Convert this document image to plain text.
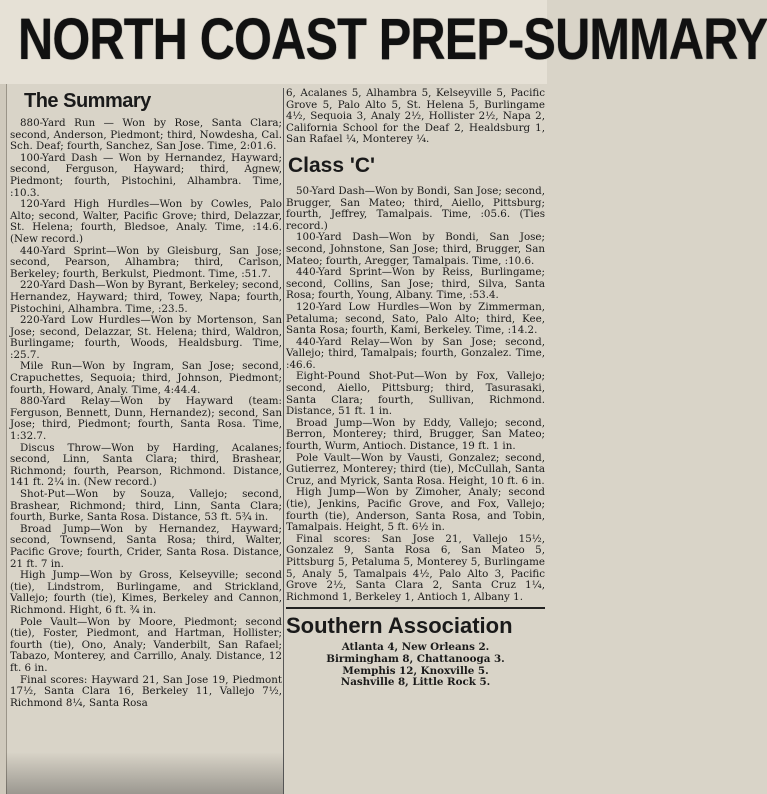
NORTH COAST PREP-SUMMARY
The Summary

880-Yard Run — Won by Rose, Santa Clara; second, Anderson, Piedmont; third, Nowdesha, Cal. Sch. Deaf; fourth, Sanchez, San Jose. Time, 2:01.6.

100-Yard Dash — Won by Hernandez, Hayward; second, Ferguson, Hayward; third, Agnew, Piedmont; fourth, Pistochini, Alhambra. Time, :10.3.

120-Yard High Hurdles—Won by Cowles, Palo Alto; second, Walter, Pacific Grove; third, Delazzar, St. Helena; fourth, Bledsoe, Analy. Time, :14.6. (New record.)

440-Yard Sprint—Won by Gleisburg, San Jose; second, Pearson, Alhambra; third, Carlson, Berkeley; fourth, Berkulst, Piedmont. Time, :51.7.

220-Yard Dash—Won by Byrant, Berkeley; second, Hernandez, Hayward; third, Towey, Napa; fourth, Pistochini, Alhambra. Time, :23.5.

220-Yard Low Hurdles—Won by Mortenson, San Jose; second, Delazzar, St. Helena; third, Waldron, Burlingame; fourth, Woods, Healdsburg. Time, :25.7.

Mile Run—Won by Ingram, San Jose; second, Crapuchettes, Sequoia; third, Johnson, Piedmont; fourth, Howard, Analy. Time, 4:44.4.

880-Yard Relay—Won by Hayward (team: Ferguson, Bennett, Dunn, Hernandez); second, San Jose; third, Piedmont; fourth, Santa Rosa. Time, 1:32.7.

Discus Throw—Won by Harding, Acalanes; second, Linn, Santa Clara; third, Brashear, Richmond; fourth, Pearson, Richmond. Distance, 141 ft. 2¼ in. (New record.)

Shot-Put—Won by Souza, Vallejo; second, Brashear, Richmond; third, Linn, Santa Clara; fourth, Burke, Santa Rosa. Distance, 53 ft. 5¾ in.

Broad Jump—Won by Hernandez, Hayward; second, Townsend, Santa Rosa; third, Walter, Pacific Grove; fourth, Crider, Santa Rosa. Distance, 21 ft. 7 in.

High Jump—Won by Gross, Kelseyville; second (tie), Lindstrom, Burlingame, and Strickland, Vallejo; fourth (tie), Kimes, Berkeley and Cannon, Richmond. Hight, 6 ft. ¾ in.

Pole Vault—Won by Moore, Piedmont; second (tie), Foster, Piedmont, and Hartman, Hollister; fourth (tie), Ono, Analy; Vanderbilt, San Rafael; Tabazo, Monterey, and Carrillo, Analy. Distance, 12 ft. 6 in.

Final scores: Hayward 21, San Jose 19, Piedmont 17½, Santa Clara 16, Berkeley 11, Vallejo 7½, Richmond 8¼, Santa Rosa

6, Acalanes 5, Alhambra 5, Kelseyville 5, Pacific Grove 5, Palo Alto 5, St. Helena 5, Burlingame 4½, Sequoia 3, Analy 2½, Hollister 2½, Napa 2, California School for the Deaf 2, Healdsburg 1, San Rafael ¼, Monterey ¼.

Class 'C'

50-Yard Dash—Won by Bondi, San Jose; second, Brugger, San Mateo; third, Aiello, Pittsburg; fourth, Jeffrey, Tamalpais. Time, :05.6. (Ties record.)

100-Yard Dash—Won by Bondi, San Jose; second, Johnstone, San Jose; third, Brugger, San Mateo; fourth, Aregger, Tamalpais. Time, :10.6.

440-Yard Sprint—Won by Reiss, Burlingame; second, Collins, San Jose; third, Silva, Santa Rosa; fourth, Young, Albany. Time, :53.4.

120-Yard Low Hurdles—Won by Zimmerman, Petaluma; second, Sato, Palo Alto; third, Kee, Santa Rosa; fourth, Kami, Berkeley. Time, :14.2.

440-Yard Relay—Won by San Jose; second, Vallejo; third, Tamalpais; fourth, Gonzalez. Time, :46.6.

Eight-Pound Shot-Put—Won by Fox, Vallejo; second, Aiello, Pittsburg; third, Tasurasaki, Santa Clara; fourth, Sullivan, Richmond. Distance, 51 ft. 1 in.

Broad Jump—Won by Eddy, Vallejo; second, Berron, Monterey; third, Brugger, San Mateo; fourth, Wurm, Antioch. Distance, 19 ft. 1 in.

Pole Vault—Won by Vausti, Gonzalez; second, Gutierrez, Monterey; third (tie), McCullah, Santa Cruz, and Myrick, Santa Rosa. Height, 10 ft. 6 in.

High Jump—Won by Zimoher, Analy; second (tie), Jenkins, Pacific Grove, and Fox, Vallejo; fourth (tie), Anderson, Santa Rosa, and Tobin, Tamalpais. Height, 5 ft. 6½ in.

Final scores: San Jose 21, Vallejo 15½, Gonzalez 9, Santa Rosa 6, San Mateo 5, Pittsburg 5, Petaluma 5, Monterey 5, Burlingame 5, Analy 5, Tamalpais 4½, Palo Alto 3, Pacific Grove 2½, Santa Clara 2, Santa Cruz 1¼, Richmond 1, Berkeley 1, Antioch 1, Albany 1.

Southern Association

Atlanta 4, New Orleans 2.

Birmingham 8, Chattanooga 3.

Memphis 12, Knoxville 5.

Nashville 8, Little Rock 5.
